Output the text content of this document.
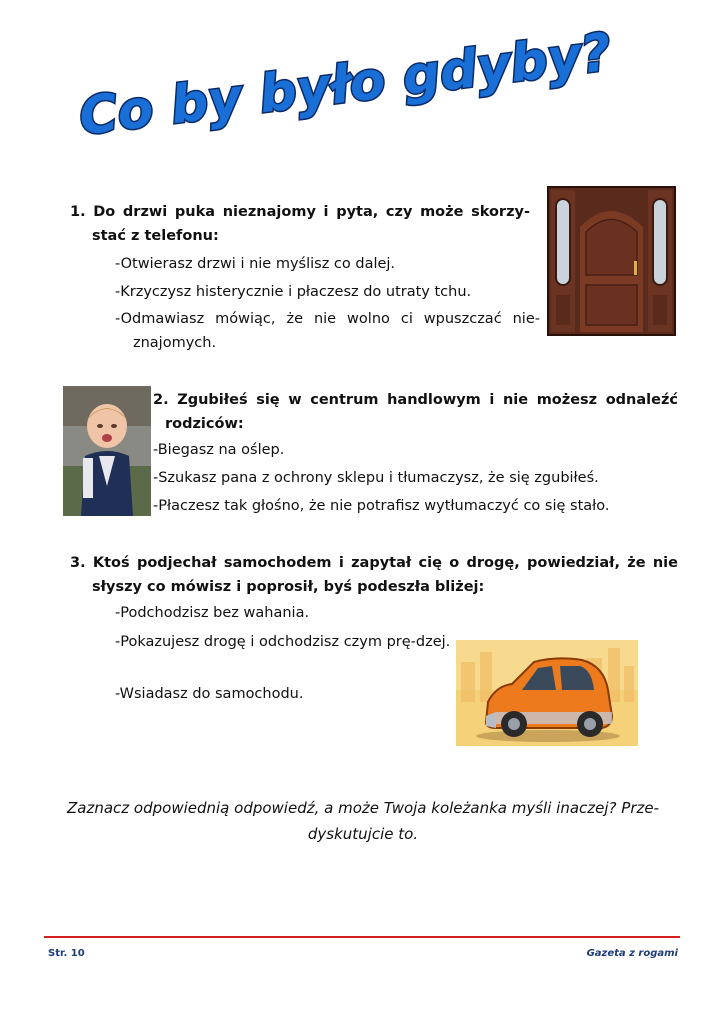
Co by było gdyby?
1. Do drzwi puka nieznajomy i pyta, czy może skorzy-stać z telefonu:
-Otwierasz drzwi i nie myślisz co dalej.
-Krzyczysz histerycznie i płaczesz do utraty tchu.
-Odmawiasz mówiąc, że nie wolno ci wpuszczać nie-znajomych.
2. Zgubiłeś się w centrum handlowym i nie możesz odnaleźć rodziców:
-Biegasz na oślep.
-Szukasz pana z ochrony sklepu i tłumaczysz, że się zgubiłeś.
-Płaczesz tak głośno, że nie potrafisz wytłumaczyć co się stało.
3. Ktoś podjechał samochodem i zapytał cię o drogę, powiedział, że nie słyszy co mówisz i poprosił, byś podeszła bliżej:
-Podchodzisz bez wahania.
-Pokazujesz drogę i odchodzisz czym prę-dzej.
-Wsiadasz do samochodu.
Zaznacz odpowiednią odpowiedź, a może Twoja koleżanka myśli inaczej? Prze-dyskutujcie to.
Str. 10	Gazeta z rogami
